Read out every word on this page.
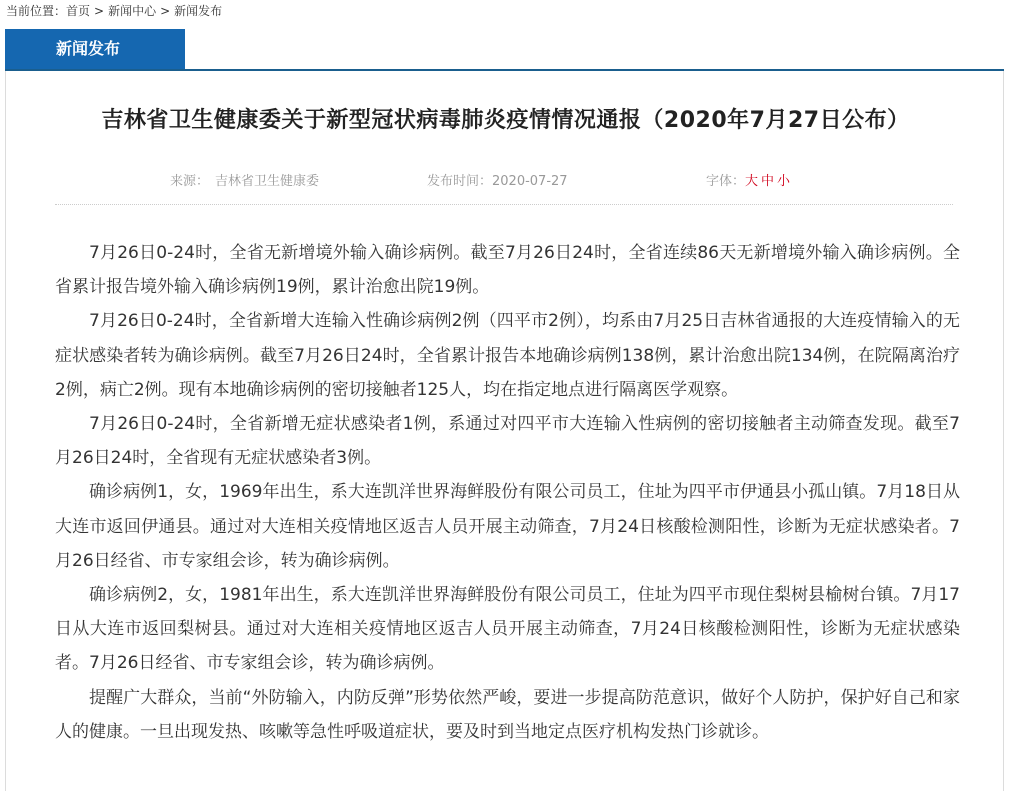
当前位置：首页 > 新闻中心 > 新闻发布
新闻发布
吉林省卫生健康委关于新型冠状病毒肺炎疫情情况通报（2020年7月27日公布）
来源： 吉林省卫生健康委	发布时间：2020-07-27	字体：大 中 小

7月26日0-24时，全省无新增境外输入确诊病例。截至7月26日24时，全省连续86天无新增境外输入确诊病例。全省累计报告境外输入确诊病例19例，累计治愈出院19例。

7月26日0-24时，全省新增大连输入性确诊病例2例（四平市2例），均系由7月25日吉林省通报的大连疫情输入的无症状感染者转为确诊病例。截至7月26日24时，全省累计报告本地确诊病例138例，累计治愈出院134例，在院隔离治疗2例，病亡2例。现有本地确诊病例的密切接触者125人，均在指定地点进行隔离医学观察。

7月26日0-24时，全省新增无症状感染者1例，系通过对四平市大连输入性病例的密切接触者主动筛查发现。截至7月26日24时，全省现有无症状感染者3例。

确诊病例1，女，1969年出生，系大连凯洋世界海鲜股份有限公司员工，住址为四平市伊通县小孤山镇。7月18日从大连市返回伊通县。通过对大连相关疫情地区返吉人员开展主动筛查，7月24日核酸检测阳性，诊断为无症状感染者。7月26日经省、市专家组会诊，转为确诊病例。

确诊病例2，女，1981年出生，系大连凯洋世界海鲜股份有限公司员工，住址为四平市现住梨树县榆树台镇。7月17日从大连市返回梨树县。通过对大连相关疫情地区返吉人员开展主动筛查，7月24日核酸检测阳性，诊断为无症状感染者。7月26日经省、市专家组会诊，转为确诊病例。

提醒广大群众，当前“外防输入，内防反弹”形势依然严峻，要进一步提高防范意识，做好个人防护，保护好自己和家人的健康。一旦出现发热、咳嗽等急性呼吸道症状，要及时到当地定点医疗机构发热门诊就诊。
